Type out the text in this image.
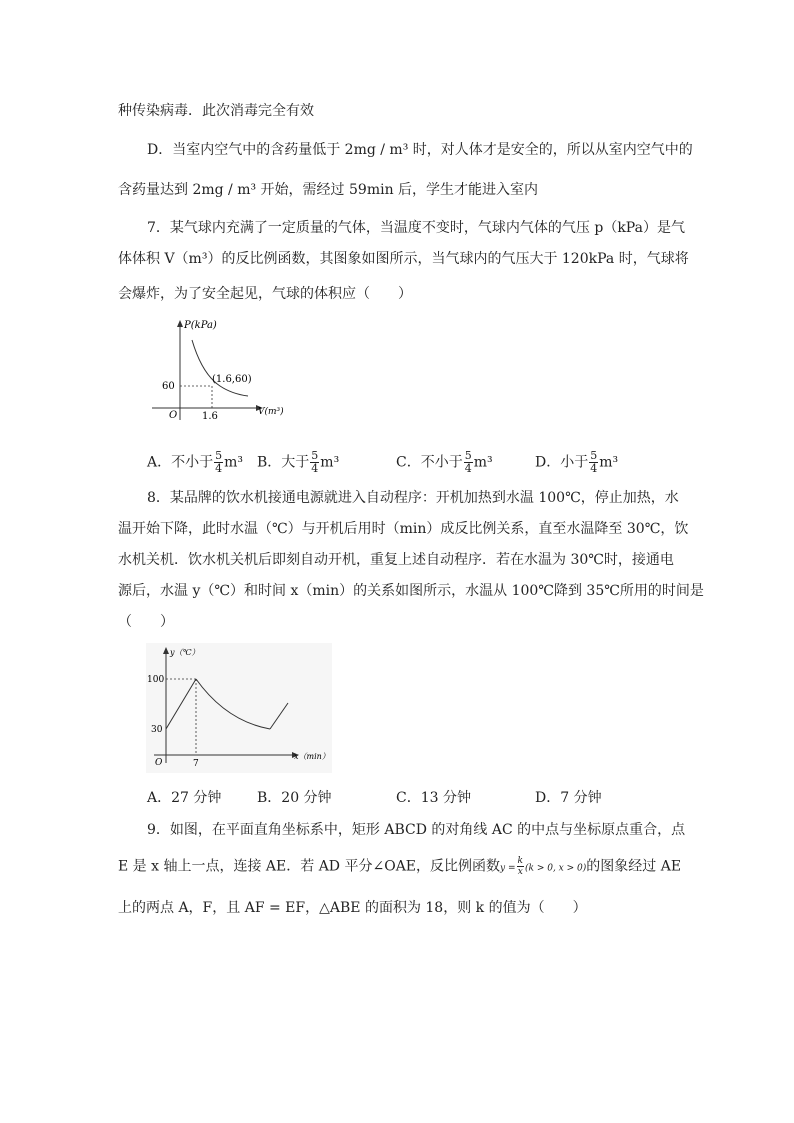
种传染病毒．此次消毒完全有效
D．当室内空气中的含药量低于 2mg / m³ 时，对人体才是安全的，所以从室内空气中的
含药量达到 2mg / m³ 开始，需经过 59min 后，学生才能进入室内
7．某气球内充满了一定质量的气体，当温度不变时，气球内气体的气压 p（kPa）是气
体体积 V（m³）的反比例函数，其图象如图所示，当气球内的气压大于 120kPa 时，气球将
会爆炸，为了安全起见，气球的体积应（　　）
P(kPa)
V(m³)
O
60
1.6
(1.6,60)
A．不小于 $\frac{5}{4} m^3$ B．大于 $\frac{5}{4} m^3$	C．不小于 $\frac{5}{4} m^3$	D．小于 $\frac{5}{4} m^3$
8．某品牌的饮水机接通电源就进入自动程序：开机加热到水温 100℃，停止加热，水
温开始下降，此时水温（℃）与开机后用时（min）成反比例关系，直至水温降至 30℃，饮
水机关机．饮水机关机后即刻自动开机，重复上述自动程序．若在水温为 30℃时，接通电
源后，水温 y（℃）和时间 x（min）的关系如图所示，水温从 100℃降到 35℃所用的时间是
（　　）
y（℃）
x（min）
O
100
30
7
A．27 分钟	B．20 分钟	C．13 分钟	D．7 分钟
9．如图，在平面直角坐标系中，矩形 ABCD 的对角线 AC 的中点与坐标原点重合，点
E 是 x 轴上一点，连接 AE．若 AD 平分∠OAE，反比例函数$y = \frac{k}{x} (k > 0$, x > 0)的图象经过 AE
上的两点 A，F，且 AF = EF，△ABE 的面积为 18，则 k 的值为（　　）
